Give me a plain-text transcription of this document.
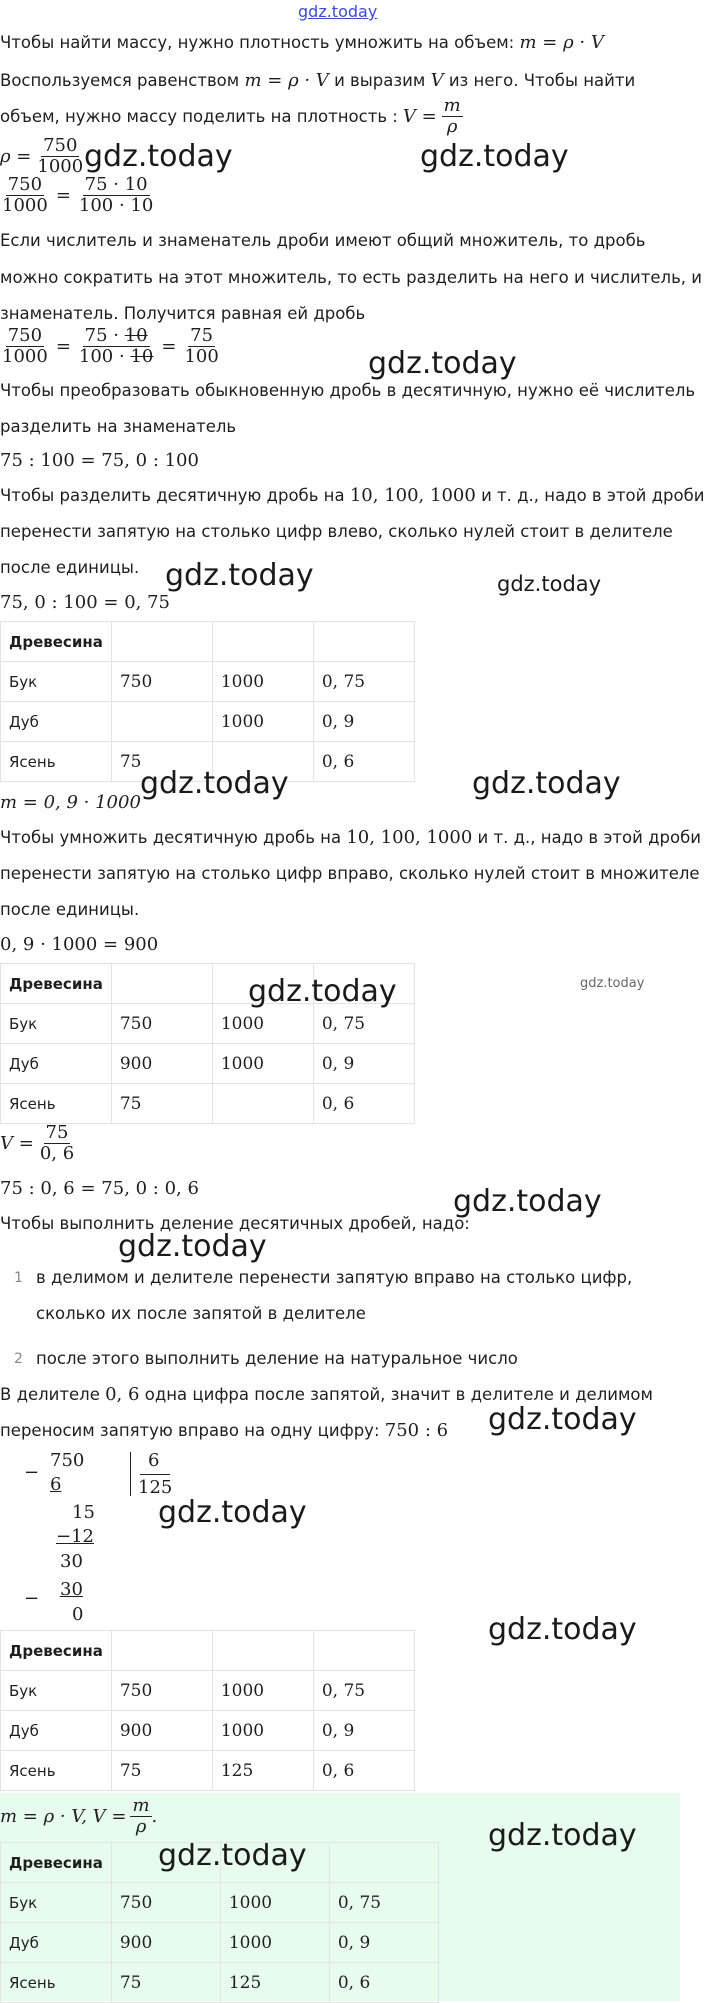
gdz.today
Чтобы найти массу, нужно плотность умножить на объем: m = ρ · V
Воспользуемся равенством m = ρ · V и выразим V из него. Чтобы найти
объем, нужно массу поделить на плотность : $V = \frac{m}{\rho}$
$\rho = \frac{750}{1000}$
gdz.today	gdz.today
$\frac{750}{1000} = \frac{75 \cdot 10}{100 \cdot 10}$
Если числитель и знаменатель дроби имеют общий множитель, то дробь
можно сократить на этот множитель, то есть разделить на него и числитель, и
знаменатель. Получится равная ей дробь
$\frac{750}{1000} = \frac{75 \cdot 10}{100 \cdot 10} = \frac{75}{100}$	gdz.today
Чтобы преобразовать обыкновенную дробь в десятичную, нужно её числитель
разделить на знаменатель
75 : 100 = 75, 0 : 100
Чтобы разделить десятичную дробь на 10, 100, 1000 и т. д., надо в этой дроби
перенести запятую на столько цифр влево, сколько нулей стоит в делителе
после единицы. gdz.today	gdz.today
75, 0 : 100 = 0, 75
Древесина			
Бук	750	1000	0, 75
Дуб		1000	0, 9
Ясень	75		0, 6
gdz.today	gdz.today
m = 0, 9 · 1000
Чтобы умножить десятичную дробь на 10, 100, 1000 и т. д., надо в этой дроби
перенести запятую на столько цифр вправо, сколько нулей стоит в множителе
после единицы.
0, 9 · 1000 = 900
Древесина			
Бук	750	1000	0, 75
Дуб	900	1000	0, 9
Ясень	75		0, 6
gdz.today	gdz.today
$V = \frac{75}{0, 6}$
75 : 0, 6 = 75, 0 : 0, 6	gdz.today
Чтобы выполнить деление десятичных дробей, надо:
gdz.today
1 в делимом и делителе перенести запятую вправо на столько цифр,
сколько их после запятой в делителе
2 после этого выполнить деление на натуральное число
В делителе 0, 6 одна цифра после запятой, значит в делителе и делимом
переносим запятую вправо на одну цифру: 750 : 6 gdz.today
−
750
6
6
125
15
−12
30
− 30
0
gdz.today
gdz.today
Древесина			
Бук	750	1000	0, 75
Дуб	900	1000	0, 9
Ясень	75	125	0, 6
m = ρ · V, $V = \frac{m}{\rho}$ .
gdz.today
gdz.today
Древесина			
Бук	750	1000	0, 75
Дуб	900	1000	0, 9
Ясень	75	125	0, 6
